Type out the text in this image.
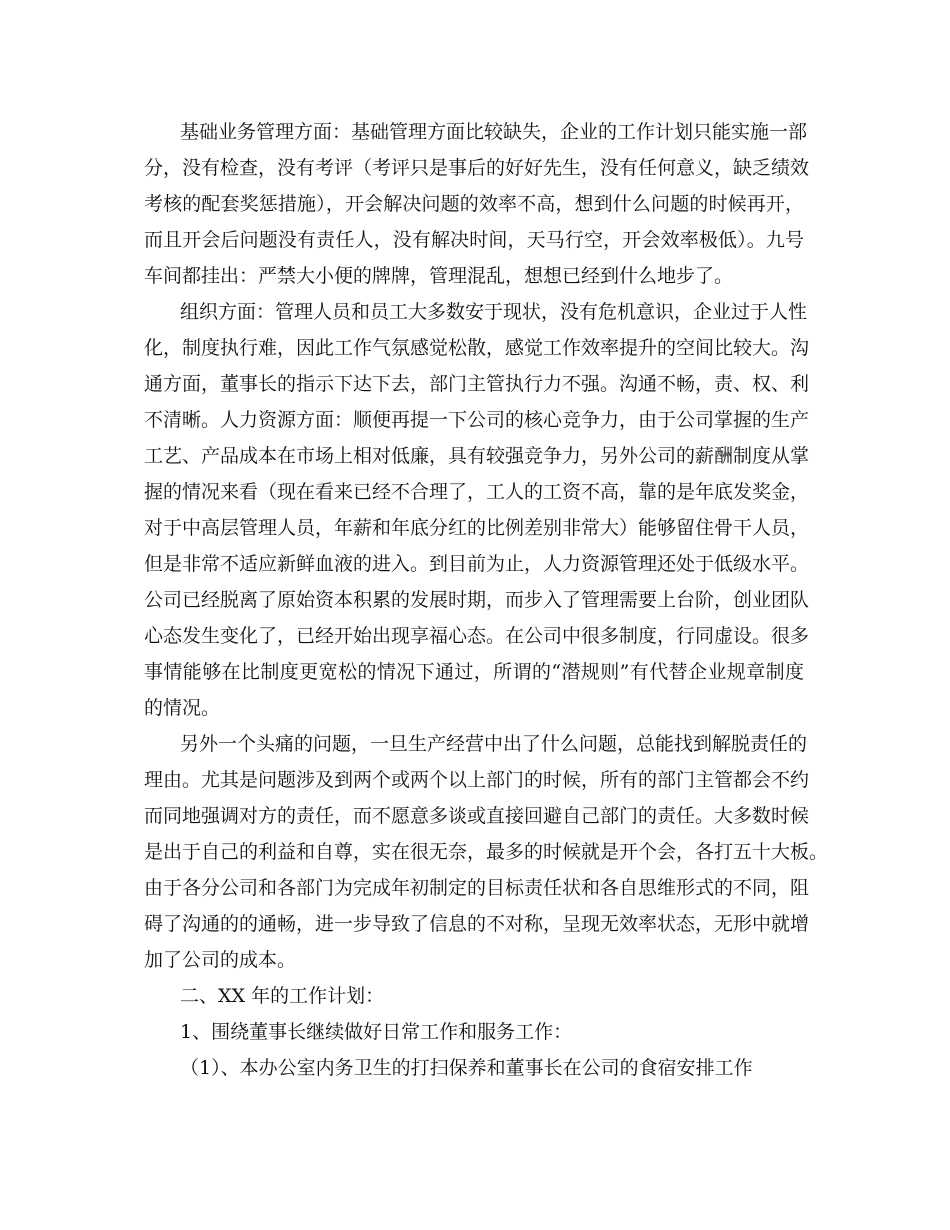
基础业务管理方面：基础管理方面比较缺失，企业的工作计划只能实施一部
分，没有检查，没有考评（考评只是事后的好好先生，没有任何意义，缺乏绩效
考核的配套奖惩措施），开会解决问题的效率不高，想到什么问题的时候再开，
而且开会后问题没有责任人，没有解决时间，天马行空，开会效率极低）。九号
车间都挂出：严禁大小便的牌牌，管理混乱，想想已经到什么地步了。
组织方面：管理人员和员工大多数安于现状，没有危机意识，企业过于人性
化，制度执行难，因此工作气氛感觉松散，感觉工作效率提升的空间比较大。沟
通方面，董事长的指示下达下去，部门主管执行力不强。沟通不畅，责、权、利
不清晰。人力资源方面：顺便再提一下公司的核心竞争力，由于公司掌握的生产
工艺、产品成本在市场上相对低廉，具有较强竞争力，另外公司的薪酬制度从掌
握的情况来看（现在看来已经不合理了，工人的工资不高，靠的是年底发奖金，
对于中高层管理人员，年薪和年底分红的比例差别非常大）能够留住骨干人员，
但是非常不适应新鲜血液的进入。到目前为止，人力资源管理还处于低级水平。
公司已经脱离了原始资本积累的发展时期，而步入了管理需要上台阶，创业团队
心态发生变化了，已经开始出现享福心态。在公司中很多制度，行同虚设。很多
事情能够在比制度更宽松的情况下通过，所谓的“潜规则”有代替企业规章制度
的情况。
另外一个头痛的问题，一旦生产经营中出了什么问题，总能找到解脱责任的
理由。尤其是问题涉及到两个或两个以上部门的时候，所有的部门主管都会不约
而同地强调对方的责任，而不愿意多谈或直接回避自己部门的责任。大多数时候
是出于自己的利益和自尊，实在很无奈，最多的时候就是开个会，各打五十大板。
由于各分公司和各部门为完成年初制定的目标责任状和各自思维形式的不同，阻
碍了沟通的的通畅，进一步导致了信息的不对称，呈现无效率状态，无形中就增
加了公司的成本。
二、XX 年的工作计划：
1、围绕董事长继续做好日常工作和服务工作：
（1）、本办公室内务卫生的打扫保养和董事长在公司的食宿安排工作
